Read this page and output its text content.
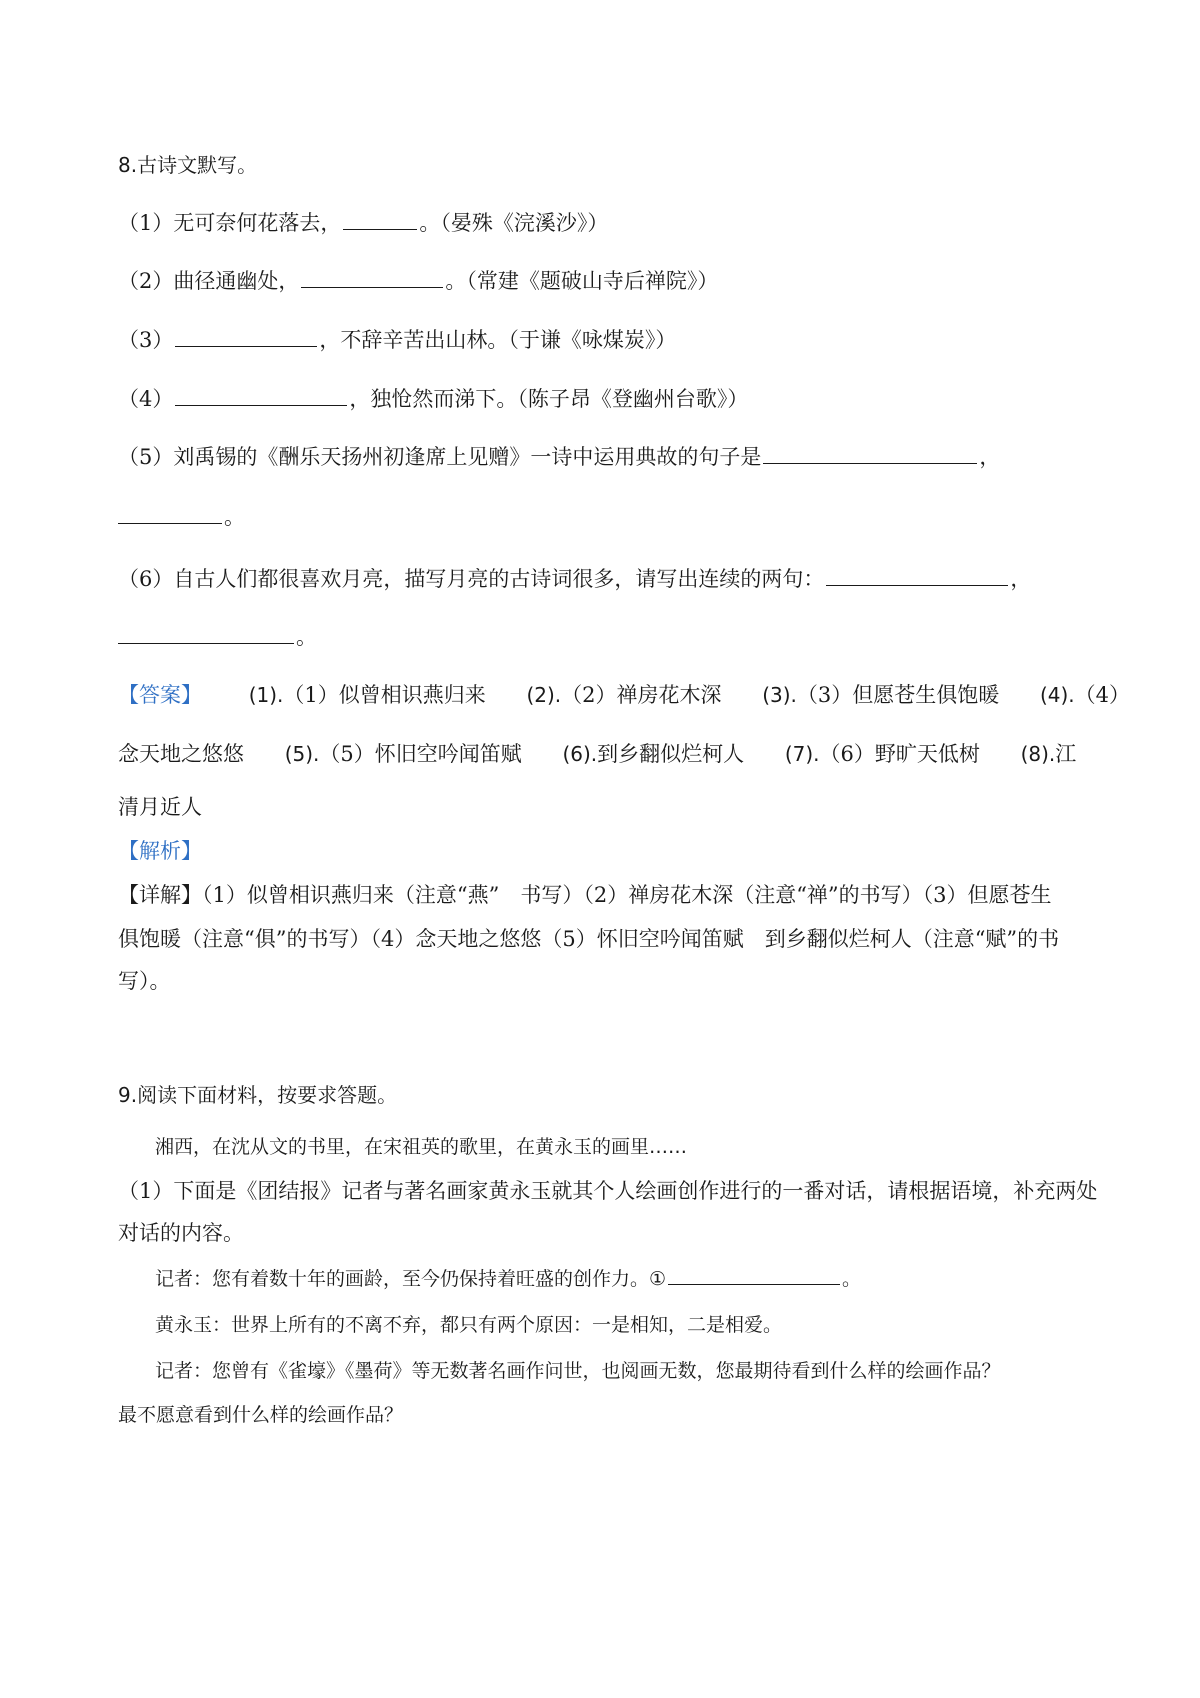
8.古诗文默写。
（1）无可奈何花落去，	。（晏殊《浣溪沙》）
（2）曲径通幽处，	。（常建《题破山寺后禅院》）
（3）	，不辞辛苦出山林。（于谦《咏煤炭》）
（4）	，独怆然而涕下。（陈子昂《登幽州台歌》）
（5）刘禹锡的《酬乐天扬州初逢席上见赠》一诗中运用典故的句子是	，
。
（6）自古人们都很喜欢月亮，描写月亮的古诗词很多，请写出连续的两句：	，
。
【答案】 (1).（1）似曾相识燕归来 (2).（2）禅房花木深 (3).（3）但愿苍生俱饱暖 (4).（4）
念天地之悠悠 (5).（5）怀旧空吟闻笛赋 (6).到乡翻似烂柯人 (7).（6）野旷天低树 (8).江
清月近人
【解析】
【详解】（1）似曾相识燕归来（注意“燕”　书写）（2）禅房花木深（注意“禅”的书写）（3）但愿苍生
俱饱暖（注意“俱”的书写）（4）念天地之悠悠（5）怀旧空吟闻笛赋　到乡翻似烂柯人（注意“赋”的书
写）。
9.阅读下面材料，按要求答题。
湘西，在沈从文的书里，在宋祖英的歌里，在黄永玉的画里……
（1）下面是《团结报》记者与著名画家黄永玉就其个人绘画创作进行的一番对话，请根据语境，补充两处
对话的内容。
记者：您有着数十年的画龄，至今仍保持着旺盛的创作力。①	。
黄永玉：世界上所有的不离不弃，都只有两个原因：一是相知，二是相爱。
记者：您曾有《雀壕》《墨荷》等无数著名画作问世，也阅画无数，您最期待看到什么样的绘画作品？
最不愿意看到什么样的绘画作品？
